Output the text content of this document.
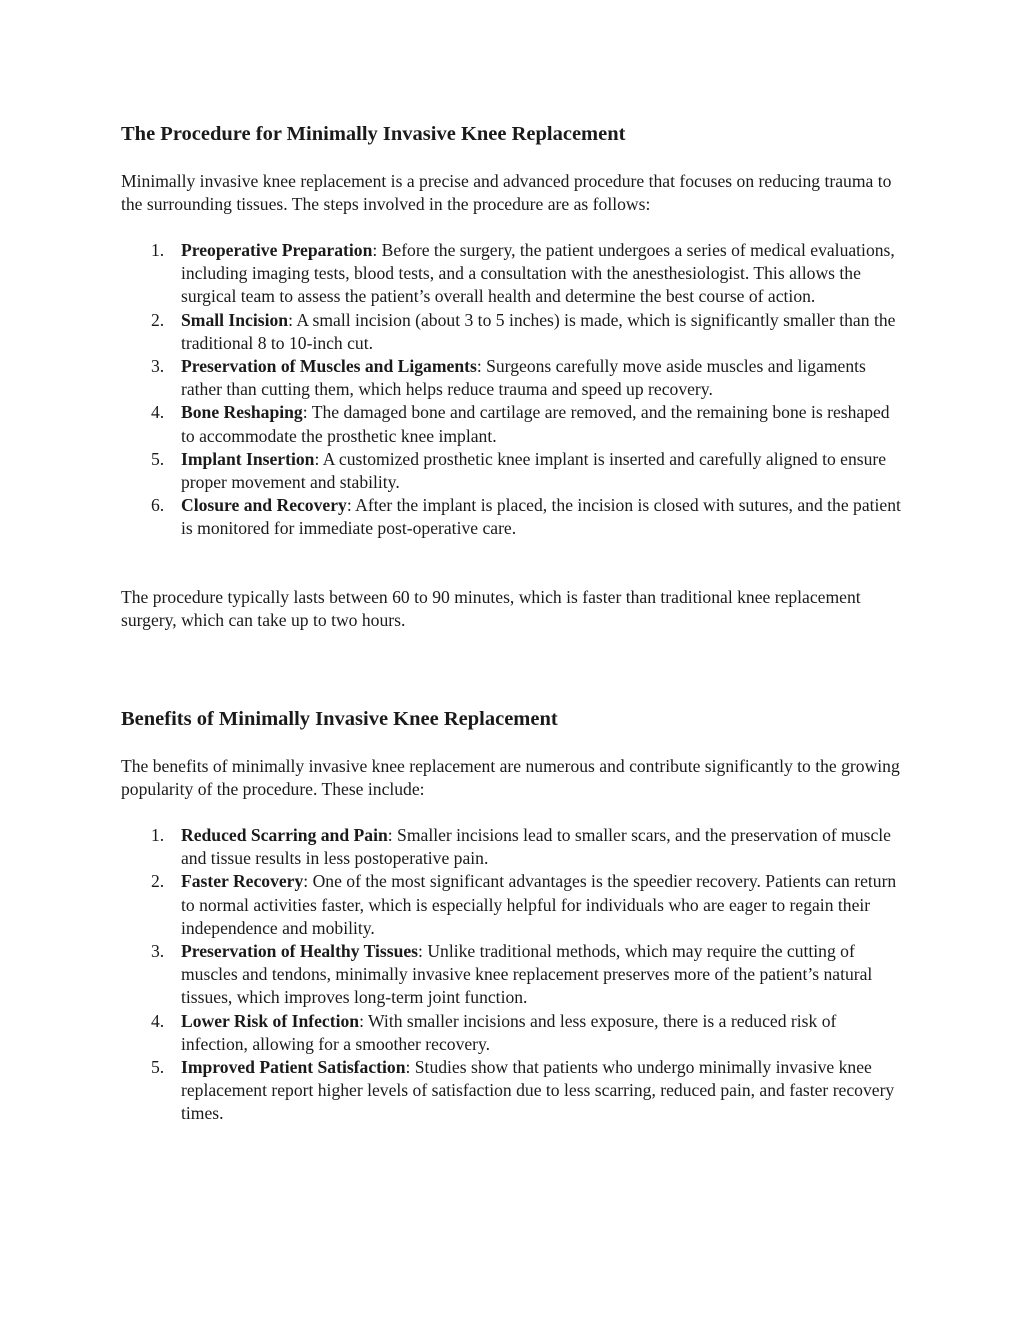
The Procedure for Minimally Invasive Knee Replacement

Minimally invasive knee replacement is a precise and advanced procedure that focuses on reducing trauma to the surrounding tissues. The steps involved in the procedure are as follows:

1. Preoperative Preparation: Before the surgery, the patient undergoes a series of medical evaluations, including imaging tests, blood tests, and a consultation with the anesthesiologist. This allows the surgical team to assess the patient’s overall health and determine the best course of action.
2. Small Incision: A small incision (about 3 to 5 inches) is made, which is significantly smaller than the traditional 8 to 10-inch cut.
3. Preservation of Muscles and Ligaments: Surgeons carefully move aside muscles and ligaments rather than cutting them, which helps reduce trauma and speed up recovery.
4. Bone Reshaping: The damaged bone and cartilage are removed, and the remaining bone is reshaped to accommodate the prosthetic knee implant.
5. Implant Insertion: A customized prosthetic knee implant is inserted and carefully aligned to ensure proper movement and stability.
6. Closure and Recovery: After the implant is placed, the incision is closed with sutures, and the patient is monitored for immediate post-operative care.

The procedure typically lasts between 60 to 90 minutes, which is faster than traditional knee replacement surgery, which can take up to two hours.

Benefits of Minimally Invasive Knee Replacement

The benefits of minimally invasive knee replacement are numerous and contribute significantly to the growing popularity of the procedure. These include:

1. Reduced Scarring and Pain: Smaller incisions lead to smaller scars, and the preservation of muscle and tissue results in less postoperative pain.
2. Faster Recovery: One of the most significant advantages is the speedier recovery. Patients can return to normal activities faster, which is especially helpful for individuals who are eager to regain their independence and mobility.
3. Preservation of Healthy Tissues: Unlike traditional methods, which may require the cutting of muscles and tendons, minimally invasive knee replacement preserves more of the patient’s natural tissues, which improves long-term joint function.
4. Lower Risk of Infection: With smaller incisions and less exposure, there is a reduced risk of infection, allowing for a smoother recovery.
5. Improved Patient Satisfaction: Studies show that patients who undergo minimally invasive knee replacement report higher levels of satisfaction due to less scarring, reduced pain, and faster recovery times.
